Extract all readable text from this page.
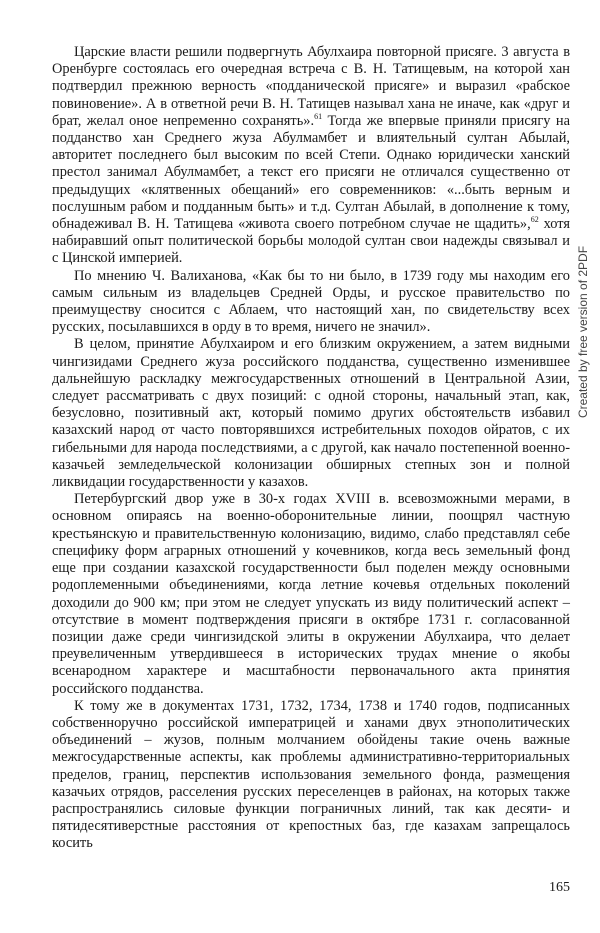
Царские власти решили подвергнуть Абулхаира повторной присяге. 3 августа в Оренбурге состоялась его очередная встреча с В. Н. Татищевым, на которой хан подтвердил прежнюю верность «подданической присяге» и выразил «рабское повиновение». А в ответной речи В. Н. Татищев называл хана не иначе, как «друг и брат, желал оное непременно сохранять».$^{61}$ Тогда же впервые приняли присягу на подданство хан Среднего жуза Абулмамбет и влиятельный султан Абылай, авторитет последнего был высоким по всей Степи. Однако юридически ханский престол занимал Абулмамбет, а текст его присяги не отличался существенно от предыдущих «клятвенных обещаний» его современников: «...быть верным и послушным рабом и подданным быть» и т.д. Султан Абылай, в дополнение к тому, обнадеживал В. Н. Татищева «живота своего потребном случае не щадить»,$^{62}$ хотя набиравший опыт политической борьбы молодой султан свои надежды связывал и с Цинской империей.

По мнению Ч. Валиханова, «Как бы то ни было, в 1739 году мы находим его самым сильным из владельцев Средней Орды, и русское правительство по преимуществу сносится с Аблаем, что настоящий хан, по свидетельству всех русских, посылавшихся в орду в то время, ничего не значил».

В целом, принятие Абулхаиром и его близким окружением, а затем видными чингизидами Среднего жуза российского подданства, существенно изменившее дальнейшую раскладку межгосударственных отношений в Центральной Азии, следует рассматривать с двух позиций: с одной стороны, начальный этап, как, безусловно, позитивный акт, который помимо других обстоятельств избавил казахский народ от часто повторявшихся истребительных походов ойратов, с их гибельными для народа последствиями, а с другой, как начало постепенной военно-казачьей земледельческой колонизации обширных степных зон и полной ликвидации государственности у казахов.

Петербургский двор уже в 30-х годах XVIII в. всевозможными мерами, в основном опираясь на военно-оборонительные линии, поощрял частную крестьянскую и правительственную колонизацию, видимо, слабо представлял себе специфику форм аграрных отношений у кочевников, когда весь земельный фонд еще при создании казахской государственности был поделен между основными родоплеменными объединениями, когда летние кочевья отдельных поколений доходили до 900 км; при этом не следует упускать из виду политический аспект – отсутствие в момент подтверждения присяги в октябре 1731 г. согласованной позиции даже среди чингизидской элиты в окружении Абулхаира, что делает преувеличенным утвердившееся в исторических трудах мнение о якобы всенародном характере и масштабности первоначального акта принятия российского подданства.

К тому же в документах 1731, 1732, 1734, 1738 и 1740 годов, подписанных собственноручно российской императрицей и ханами двух этнополитических объединений – жузов, полным молчанием обойдены такие очень важные межгосударственные аспекты, как проблемы административно-территориальных пределов, границ, перспектив использования земельного фонда, размещения казачьих отрядов, расселения русских переселенцев в районах, на которых также распространялись силовые функции пограничных линий, так как десяти- и пятидесятиверстные расстояния от крепостных баз, где казахам запрещалось косить

Created by free version of 2PDF
165
